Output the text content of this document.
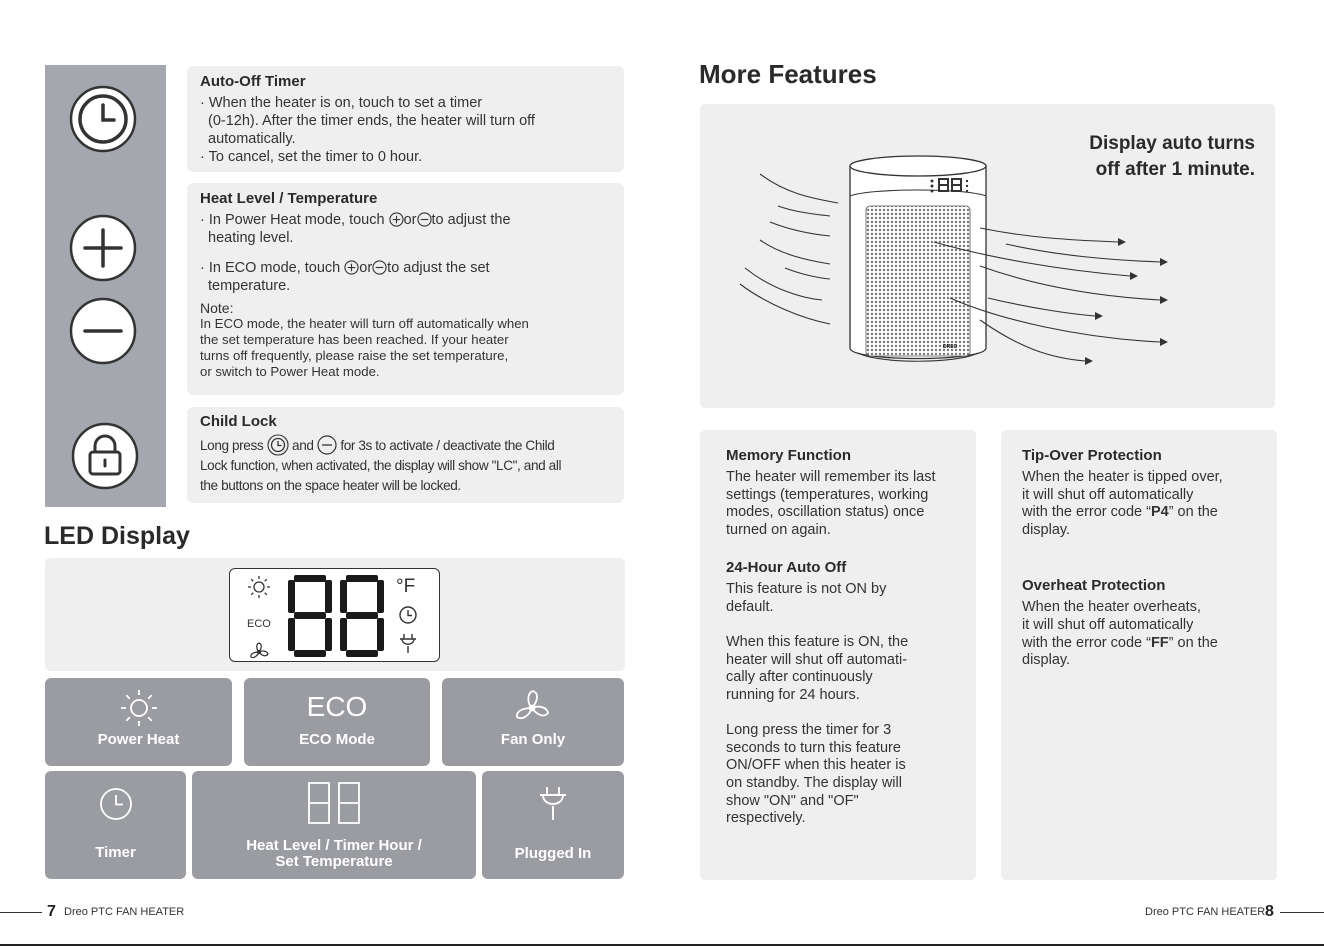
Auto-Off Timer

· When the heater is on, touch to set a timer

(0-12h). After the timer ends, the heater will turn off

automatically.

· To cancel, set the timer to 0 hour.

Heat Level / Temperature

· In Power Heat mode, touch or to adjust the

heating level.

· In ECO mode, touch or to adjust the set

temperature.

Note:

In ECO mode, the heater will turn off automatically when

the set temperature has been reached. If your heater

turns off frequently, please raise the set temperature,

or switch to Power Heat mode.

Child Lock

Long press and for 3s to activate / deactivate the Child

Lock function, when activated, the display will show "LC", and all

the buttons on the space heater will be locked.

LED Display
ECO
°F
Power Heat
ECO
ECO Mode	Fan Only
Timer	Heat Level / Timer Hour /
Set Temperature	Plugged In
7 Dreo PTC FAN HEATER
More Features
Display auto turns
off after 1 minute.
DREO
Memory Function

The heater will remember its last

settings (temperatures, working

modes, oscillation status) once

turned on again.

24-Hour Auto Off

This feature is not ON by

default.

When this feature is ON, the

heater will shut off automati-

cally after continuously

running for 24 hours.

Long press the timer for 3

seconds to turn this feature

ON/OFF when this heater is

on standby. The display will

show "ON" and "OF"

respectively.

Tip-Over Protection

When the heater is tipped over,

it will shut off automatically

with the error code “P4” on the

display.

Overheat Protection

When the heater overheats,

it will shut off automatically

with the error code “FF” on the

display.

Dreo PTC FAN HEATER 8
